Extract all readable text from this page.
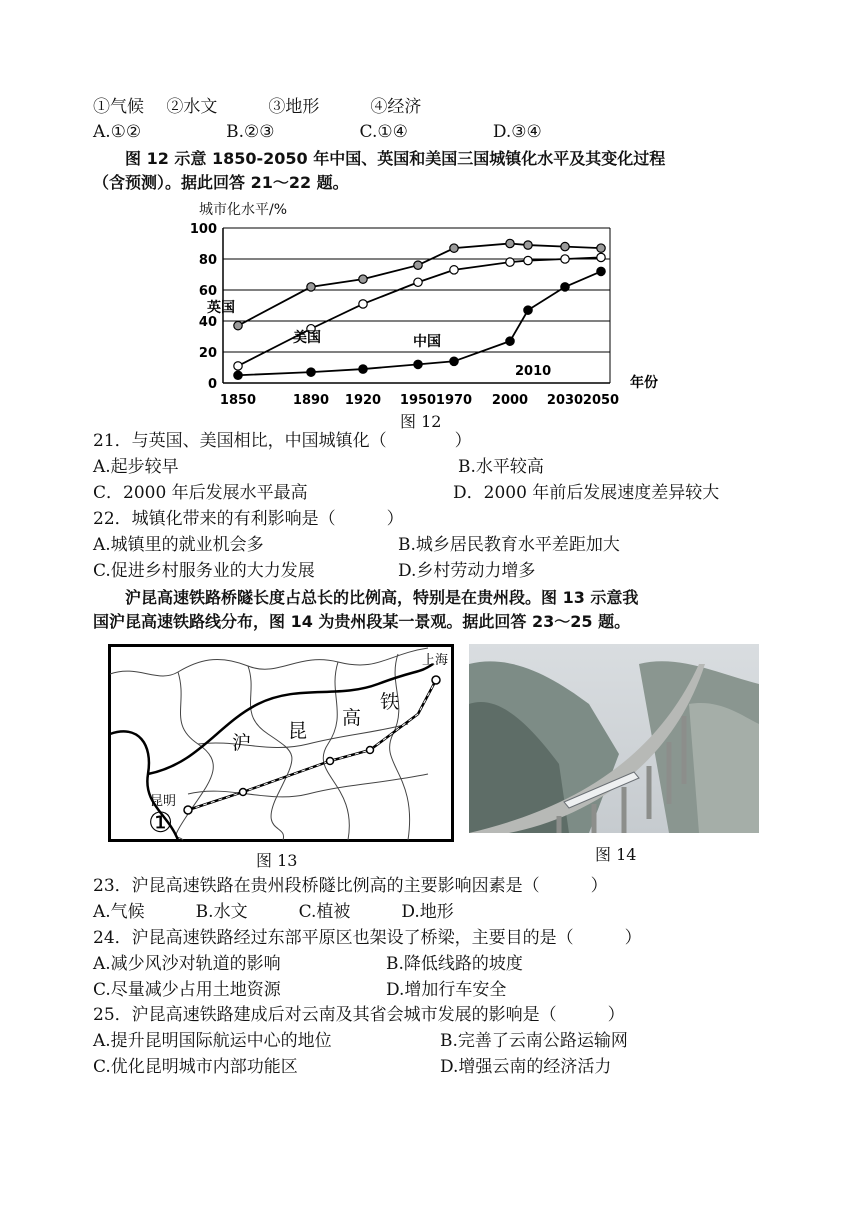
①气候　 ②水文　　　③地形　　　④经济
A.①②　　　　　B.②③　　　　　C.①④　　　　　D.③④
　　图 12 示意 1850-2050 年中国、英国和美国三国城镇化水平及其变化过程
（含预测）。据此回答 21～22 题。
城市化水平/%
0
20
40
60
80
100
1850	1890 1920 1950 1970 2000 2030 2050
年份
英国
美国	中国
2010
图 12
21．与英国、美国相比，中国城镇化（　　　　）
A.起步较早	B.水平较高
C．2000 年后发展水平最高	D．2000 年前后发展速度差异较大
22．城镇化带来的有利影响是（　　　）
A.城镇里的就业机会多	B.城乡居民教育水平差距加大
C.促进乡村服务业的大力发展	D.乡村劳动力增多
　　沪昆高速铁路桥隧长度占总长的比例高，特别是在贵州段。图 13 示意我
国沪昆高速铁路线分布，图 14 为贵州段某一景观。据此回答 23～25 题。
上海
昆明
沪
昆
高
铁
①
图 13	图 14
23．沪昆高速铁路在贵州段桥隧比例高的主要影响因素是（　　　）
A.气候　　　B.水文　　　C.植被　　　D.地形
24．沪昆高速铁路经过东部平原区也架设了桥梁，主要目的是（　　　）
A.减少风沙对轨道的影响	B.降低线路的坡度
C.尽量减少占用土地资源	D.增加行车安全
25．沪昆高速铁路建成后对云南及其省会城市发展的影响是（　　　）
A.提升昆明国际航运中心的地位	B.完善了云南公路运输网
C.优化昆明城市内部功能区	D.增强云南的经济活力
